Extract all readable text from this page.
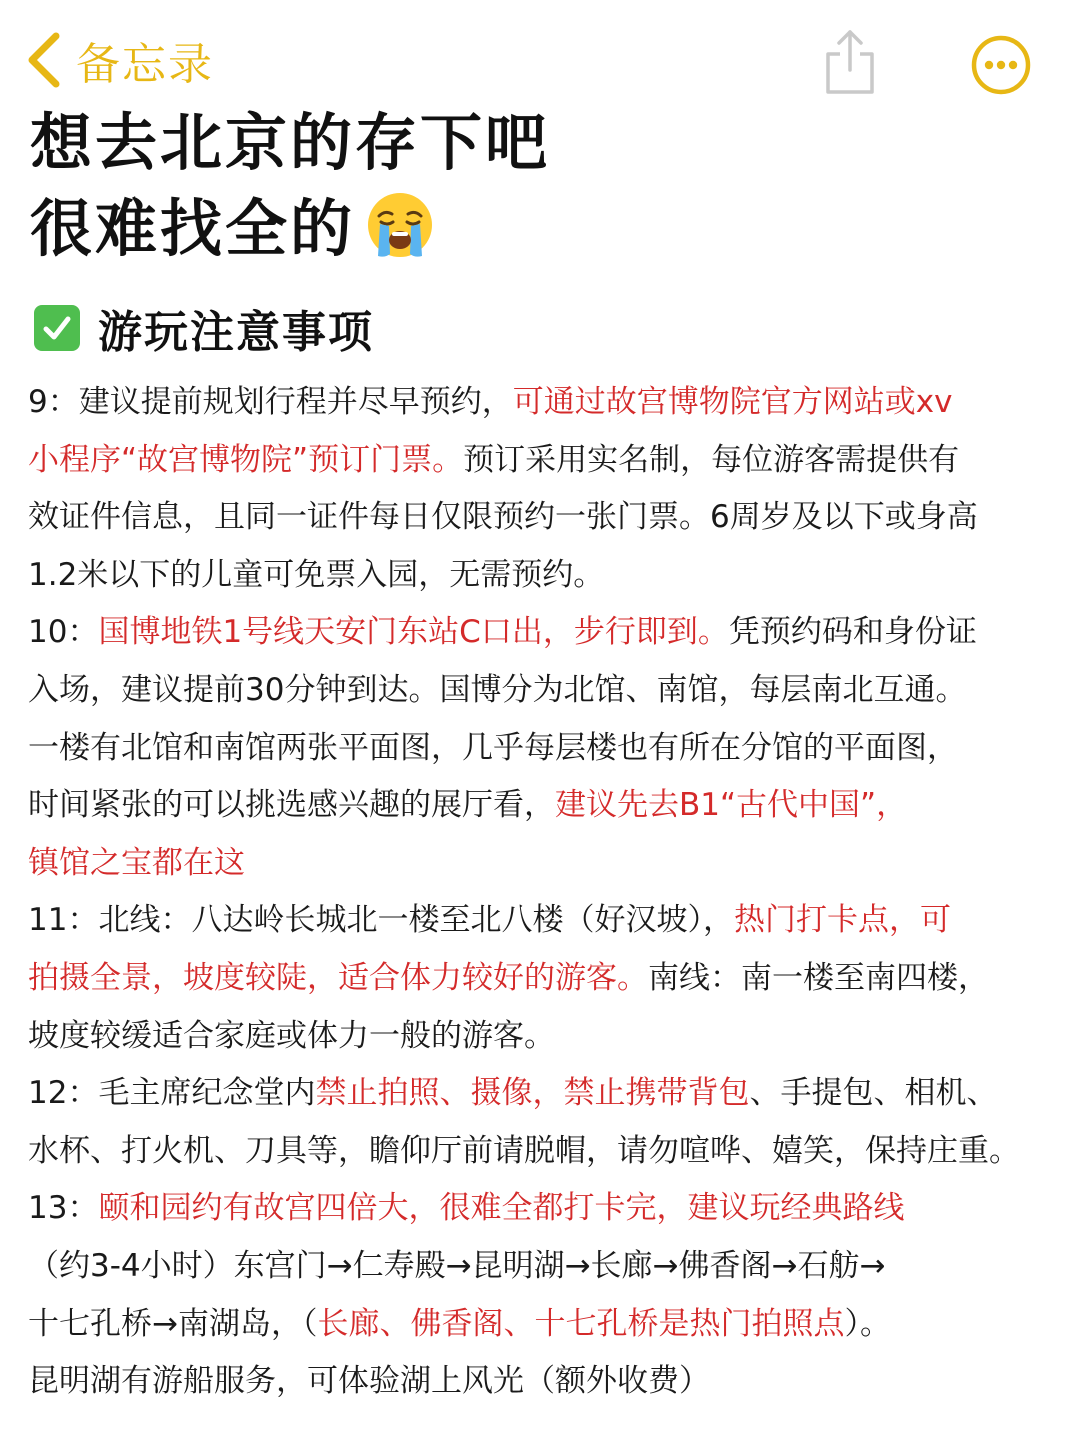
备忘录
想去北京的存下吧
很难找全的
游玩注意事项
9：建议提前规划行程并尽早预约，可通过故宫博物院官方网站或xv
小程序“故宫博物院”预订门票。预订采用实名制，每位游客需提供有
效证件信息，且同一证件每日仅限预约一张门票。6周岁及以下或身高
1.2米以下的儿童可免票入园，无需预约。
10：国博地铁1号线天安门东站C口出，步行即到。凭预约码和身份证
入场，建议提前30分钟到达。国博分为北馆、南馆，每层南北互通。
一楼有北馆和南馆两张平面图，几乎每层楼也有所在分馆的平面图，
时间紧张的可以挑选感兴趣的展厅看，建议先去B1“古代中国”，
镇馆之宝都在这
11：北线：八达岭长城北一楼至北八楼（好汉坡），热门打卡点，可
拍摄全景，坡度较陡，适合体力较好的游客。南线：南一楼至南四楼，
坡度较缓适合家庭或体力一般的游客。
12：毛主席纪念堂内禁止拍照、摄像，禁止携带背包、手提包、相机、
水杯、打火机、刀具等，瞻仰厅前请脱帽，请勿喧哗、嬉笑，保持庄重。
13：颐和园约有故宫四倍大，很难全都打卡完，建议玩经典路线
（约3-4小时）东宫门→仁寿殿→昆明湖→长廊→佛香阁→石舫→
十七孔桥→南湖岛，（长廊、佛香阁、十七孔桥是热门拍照点）。
昆明湖有游船服务，可体验湖上风光（额外收费）
